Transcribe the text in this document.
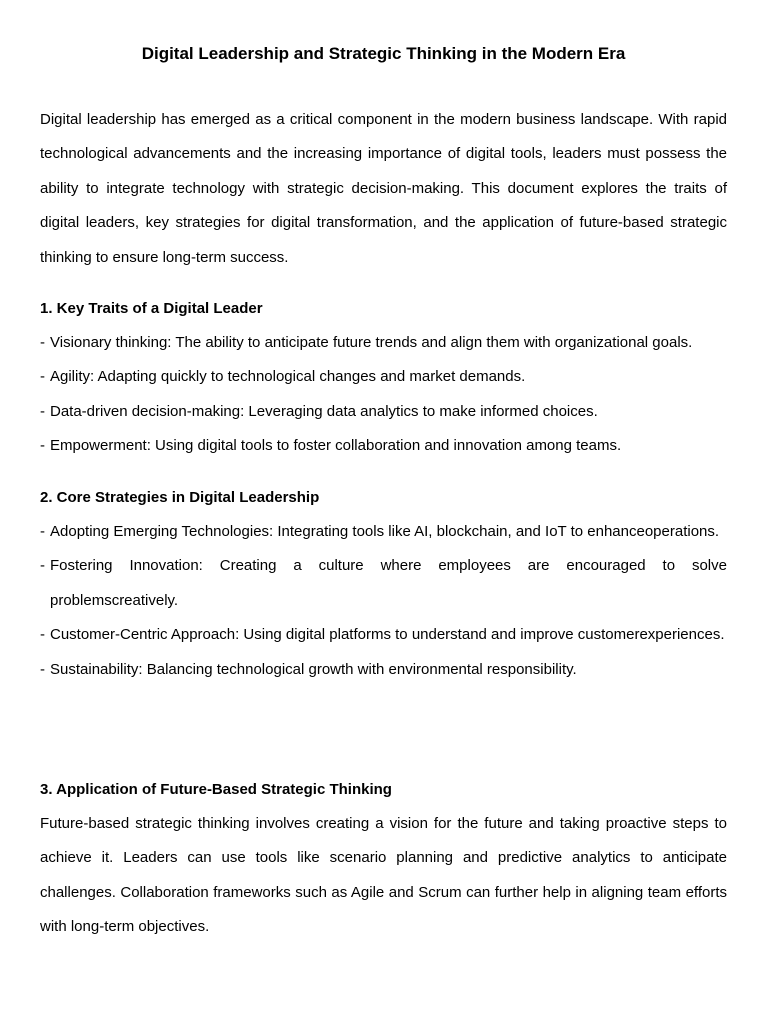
Digital Leadership and Strategic Thinking in the Modern Era

Digital leadership has emerged as a critical component in the modern business landscape. With rapid technological advancements and the increasing importance of digital tools, leaders must possess the ability to integrate technology with strategic decision-making. This document explores the traits of digital leaders, key strategies for digital transformation, and the application of future-based strategic thinking to ensure long-term success.

1. Key Traits of a Digital Leader
- Visionary thinking: The ability to anticipate future trends and align them with organizational goals.
- Agility: Adapting quickly to technological changes and market demands.
- Data-driven decision-making: Leveraging data analytics to make informed choices.
- Empowerment: Using digital tools to foster collaboration and innovation among teams.
2. Core Strategies in Digital Leadership
- Adopting Emerging Technologies: Integrating tools like AI, blockchain, and IoT to enhanceoperations.
- Fostering Innovation: Creating a culture where employees are encouraged to solve problemscreatively.
- Customer-Centric Approach: Using digital platforms to understand and improve customerexperiences.
- Sustainability: Balancing technological growth with environmental responsibility.
3. Application of Future-Based Strategic Thinking

Future-based strategic thinking involves creating a vision for the future and taking proactive steps to achieve it. Leaders can use tools like scenario planning and predictive analytics to anticipate challenges. Collaboration frameworks such as Agile and Scrum can further help in aligning team efforts with long-term objectives.
